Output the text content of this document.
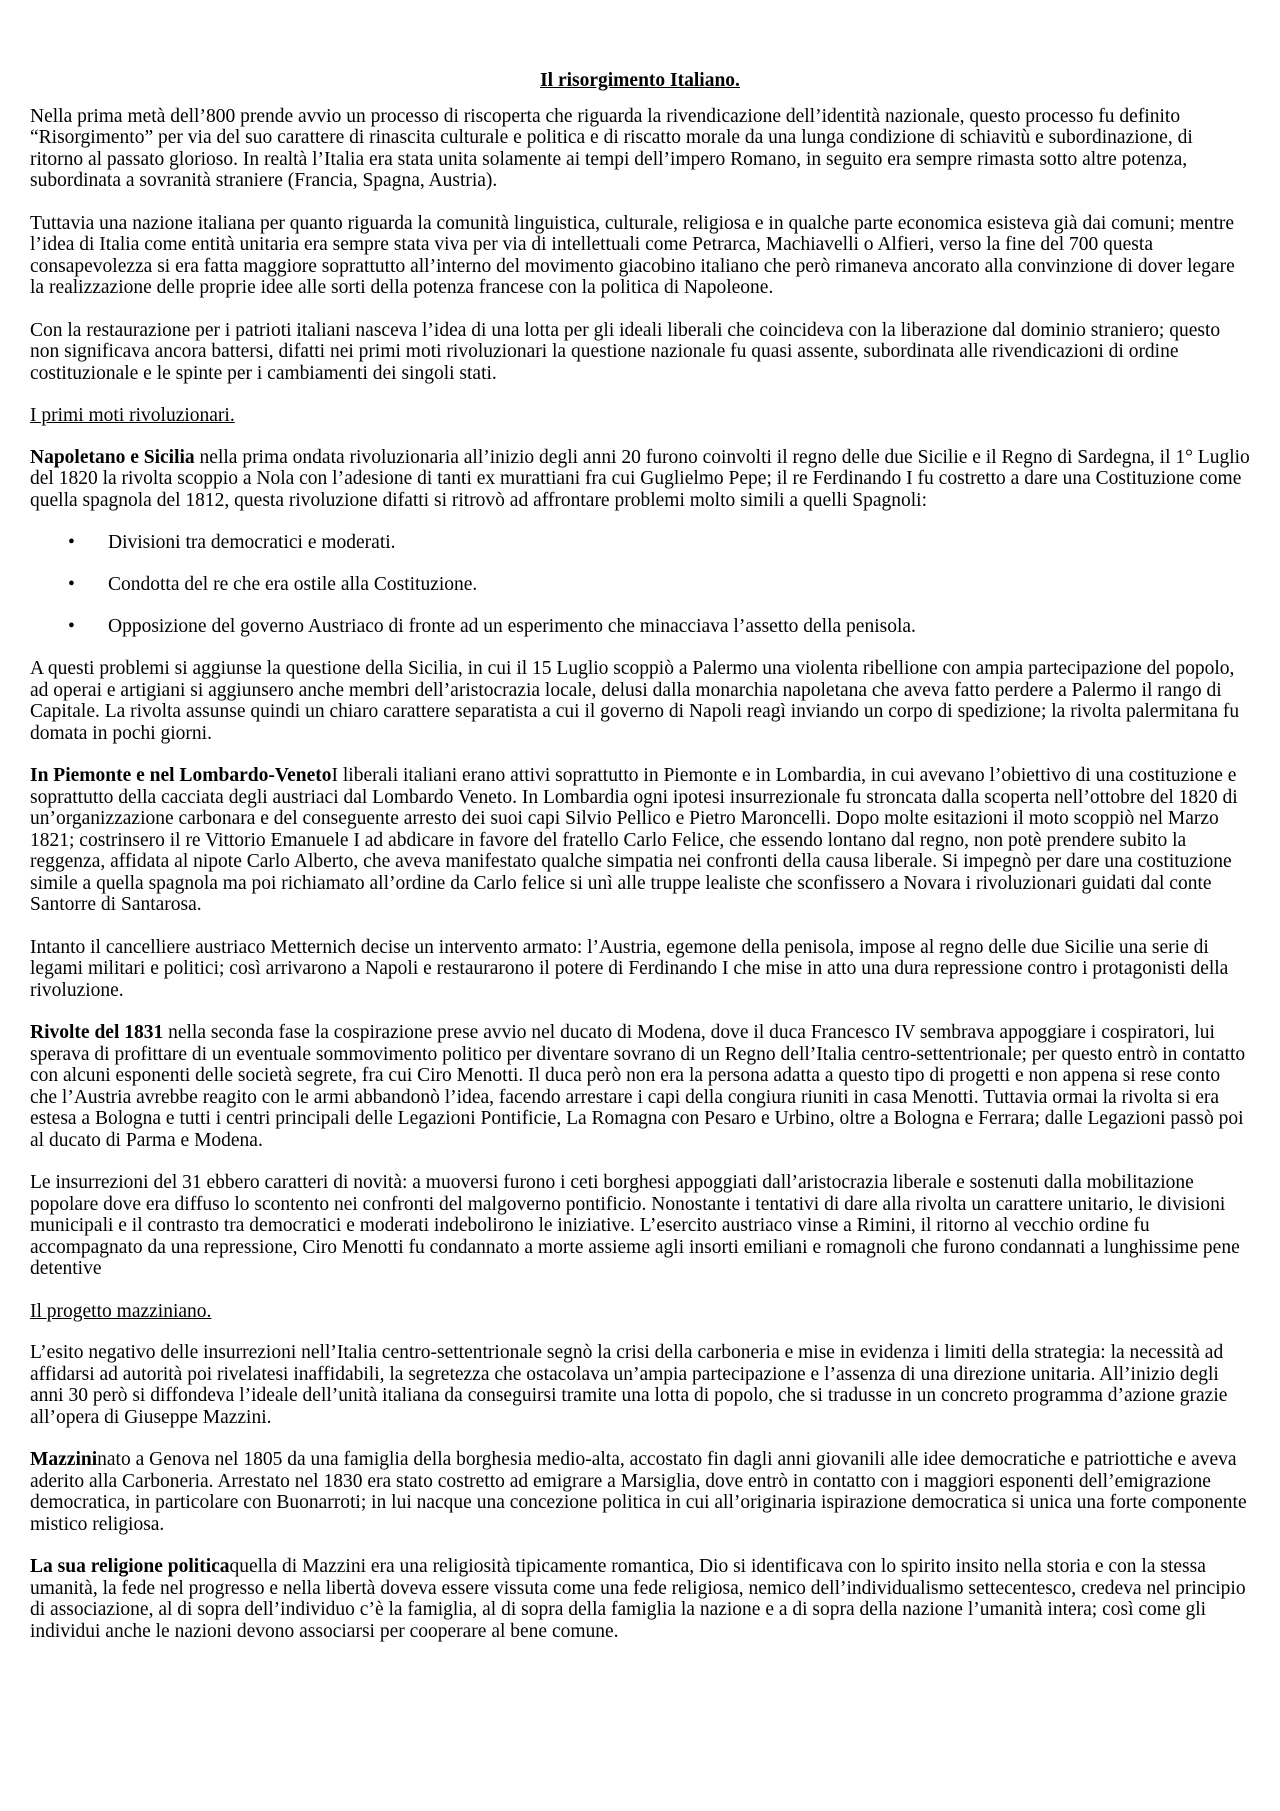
Il risorgimento Italiano.

Nella prima metà dell’800 prende avvio un processo di riscoperta che riguarda la rivendicazione dell’identità nazionale, questo processo fu definito “Risorgimento” per via del suo carattere di rinascita culturale e politica e di riscatto morale da una lunga condizione di schiavitù e subordinazione, di ritorno al passato glorioso. In realtà l’Italia era stata unita solamente ai tempi dell’impero Romano, in seguito era sempre rimasta sotto altre potenza, subordinata a sovranità straniere (Francia, Spagna, Austria).

Tuttavia una nazione italiana per quanto riguarda la comunità linguistica, culturale, religiosa e in qualche parte economica esisteva già dai comuni; mentre l’idea di Italia come entità unitaria era sempre stata viva per via di intellettuali come Petrarca, Machiavelli o Alfieri, verso la fine del 700 questa consapevolezza si era fatta maggiore soprattutto all’interno del movimento giacobino italiano che però rimaneva ancorato alla convinzione di dover legare la realizzazione delle proprie idee alle sorti della potenza francese con la politica di Napoleone.

Con la restaurazione per i patrioti italiani nasceva l’idea di una lotta per gli ideali liberali che coincideva con la liberazione dal dominio straniero; questo non significava ancora battersi, difatti nei primi moti rivoluzionari la questione nazionale fu quasi assente, subordinata alle rivendicazioni di ordine costituzionale e le spinte per i cambiamenti dei singoli stati.

I primi moti rivoluzionari.

Napoletano e Sicilia nella prima ondata rivoluzionaria all’inizio degli anni 20 furono coinvolti il regno delle due Sicilie e il Regno di Sardegna, il 1° Luglio del 1820 la rivolta scoppio a Nola con l’adesione di tanti ex murattiani fra cui Guglielmo Pepe; il re Ferdinando I fu costretto a dare una Costituzione come quella spagnola del 1812, questa rivoluzione difatti si ritrovò ad affrontare problemi molto simili a quelli Spagnoli:

• Divisioni tra democratici e moderati.
• Condotta del re che era ostile alla Costituzione.
• Opposizione del governo Austriaco di fronte ad un esperimento che minacciava l’assetto della penisola.

A questi problemi si aggiunse la questione della Sicilia, in cui il 15 Luglio scoppiò a Palermo una violenta ribellione con ampia partecipazione del popolo, ad operai e artigiani si aggiunsero anche membri dell’aristocrazia locale, delusi dalla monarchia napoletana che aveva fatto perdere a Palermo il rango di Capitale. La rivolta assunse quindi un chiaro carattere separatista a cui il governo di Napoli reagì inviando un corpo di spedizione; la rivolta palermitana fu domata in pochi giorni.

In Piemonte e nel Lombardo-VenetoI liberali italiani erano attivi soprattutto in Piemonte e in Lombardia, in cui avevano l’obiettivo di una costituzione e soprattutto della cacciata degli austriaci dal Lombardo Veneto. In Lombardia ogni ipotesi insurrezionale fu stroncata dalla scoperta nell’ottobre del 1820 di un’organizzazione carbonara e del conseguente arresto dei suoi capi Silvio Pellico e Pietro Maroncelli. Dopo molte esitazioni il moto scoppiò nel Marzo 1821; costrinsero il re Vittorio Emanuele I ad abdicare in favore del fratello Carlo Felice, che essendo lontano dal regno, non potè prendere subito la reggenza, affidata al nipote Carlo Alberto, che aveva manifestato qualche simpatia nei confronti della causa liberale. Si impegnò per dare una costituzione simile a quella spagnola ma poi richiamato all’ordine da Carlo felice si unì alle truppe lealiste che sconfissero a Novara i rivoluzionari guidati dal conte Santorre di Santarosa.

Intanto il cancelliere austriaco Metternich decise un intervento armato: l’Austria, egemone della penisola, impose al regno delle due Sicilie una serie di legami militari e politici; così arrivarono a Napoli e restaurarono il potere di Ferdinando I che mise in atto una dura repressione contro i protagonisti della rivoluzione.

Rivolte del 1831 nella seconda fase la cospirazione prese avvio nel ducato di Modena, dove il duca Francesco IV sembrava appoggiare i cospiratori, lui sperava di profittare di un eventuale sommovimento politico per diventare sovrano di un Regno dell’Italia centro-settentrionale; per questo entrò in contatto con alcuni esponenti delle società segrete, fra cui Ciro Menotti. Il duca però non era la persona adatta a questo tipo di progetti e non appena si rese conto che l’Austria avrebbe reagito con le armi abbandonò l’idea, facendo arrestare i capi della congiura riuniti in casa Menotti. Tuttavia ormai la rivolta si era estesa a Bologna e tutti i centri principali delle Legazioni Pontificie, La Romagna con Pesaro e Urbino, oltre a Bologna e Ferrara; dalle Legazioni passò poi al ducato di Parma e Modena.

Le insurrezioni del 31 ebbero caratteri di novità: a muoversi furono i ceti borghesi appoggiati dall’aristocrazia liberale e sostenuti dalla mobilitazione popolare dove era diffuso lo scontento nei confronti del malgoverno pontificio. Nonostante i tentativi di dare alla rivolta un carattere unitario, le divisioni municipali e il contrasto tra democratici e moderati indebolirono le iniziative. L’esercito austriaco vinse a Rimini, il ritorno al vecchio ordine fu accompagnato da una repressione, Ciro Menotti fu condannato a morte assieme agli insorti emiliani e romagnoli che furono condannati a lunghissime pene detentive

Il progetto mazziniano.

L’esito negativo delle insurrezioni nell’Italia centro-settentrionale segnò la crisi della carboneria e mise in evidenza i limiti della strategia: la necessità ad affidarsi ad autorità poi rivelatesi inaffidabili, la segretezza che ostacolava un’ampia partecipazione e l’assenza di una direzione unitaria. All’inizio degli anni 30 però si diffondeva l’ideale dell’unità italiana da conseguirsi tramite una lotta di popolo, che si tradusse in un concreto programma d’azione grazie all’opera di Giuseppe Mazzini.

Mazzininato a Genova nel 1805 da una famiglia della borghesia medio-alta, accostato fin dagli anni giovanili alle idee democratiche e patriottiche e aveva aderito alla Carboneria. Arrestato nel 1830 era stato costretto ad emigrare a Marsiglia, dove entrò in contatto con i maggiori esponenti dell’emigrazione democratica, in particolare con Buonarroti; in lui nacque una concezione politica in cui all’originaria ispirazione democratica si unica una forte componente mistico religiosa.

La sua religione politicaquella di Mazzini era una religiosità tipicamente romantica, Dio si identificava con lo spirito insito nella storia e con la stessa umanità, la fede nel progresso e nella libertà doveva essere vissuta come una fede religiosa, nemico dell’individualismo settecentesco, credeva nel principio di associazione, al di sopra dell’individuo c’è la famiglia, al di sopra della famiglia la nazione e a di sopra della nazione l’umanità intera; così come gli individui anche le nazioni devono associarsi per cooperare al bene comune.
